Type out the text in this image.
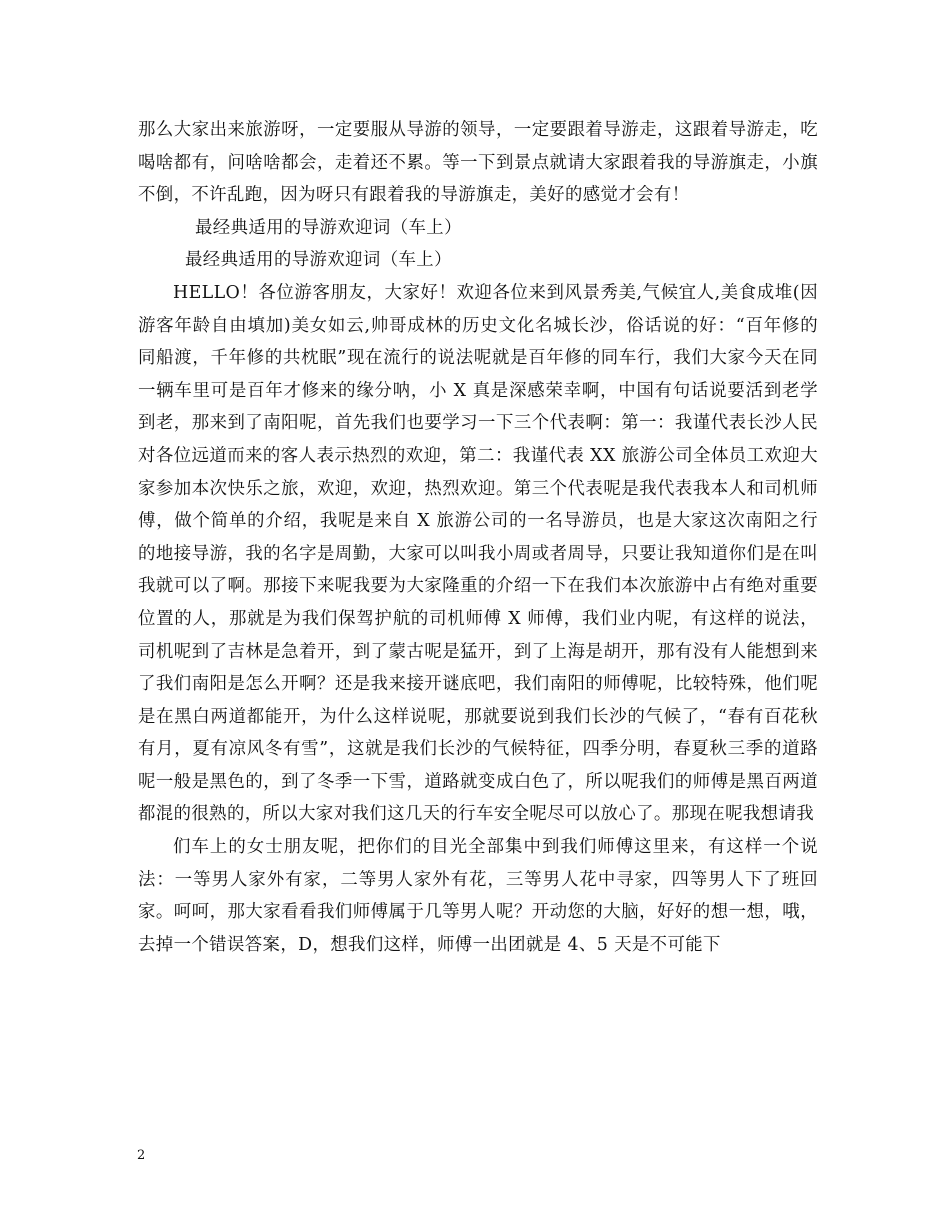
那么大家出来旅游呀，一定要服从导游的领导，一定要跟着导游走，这跟着导游走，吃喝啥都有，问啥啥都会，走着还不累。等一下到景点就请大家跟着我的导游旗走，小旗不倒，不许乱跑，因为呀只有跟着我的导游旗走，美好的感觉才会有！

最经典适用的导游欢迎词（车上）

最经典适用的导游欢迎词（车上）

HELLO！各位游客朋友，大家好！欢迎各位来到风景秀美,气候宜人,美食成堆(因游客年龄自由填加)美女如云,帅哥成林的历史文化名城长沙，俗话说的好：“百年修的同船渡，千年修的共枕眠”现在流行的说法呢就是百年修的同车行，我们大家今天在同一辆车里可是百年才修来的缘分呐，小 X 真是深感荣幸啊，中国有句话说要活到老学到老，那来到了南阳呢，首先我们也要学习一下三个代表啊：第一：我谨代表长沙人民对各位远道而来的客人表示热烈的欢迎，第二：我谨代表 XX 旅游公司全体员工欢迎大家参加本次快乐之旅，欢迎，欢迎，热烈欢迎。第三个代表呢是我代表我本人和司机师傅，做个简单的介绍，我呢是来自 X 旅游公司的一名导游员，也是大家这次南阳之行的地接导游，我的名字是周勤，大家可以叫我小周或者周导，只要让我知道你们是在叫我就可以了啊。那接下来呢我要为大家隆重的介绍一下在我们本次旅游中占有绝对重要位置的人，那就是为我们保驾护航的司机师傅 X 师傅，我们业内呢，有这样的说法，司机呢到了吉林是急着开，到了蒙古呢是猛开，到了上海是胡开，那有没有人能想到来了我们南阳是怎么开啊？还是我来接开谜底吧，我们南阳的师傅呢，比较特殊，他们呢是在黑白两道都能开，为什么这样说呢，那就要说到我们长沙的气候了，“春有百花秋有月，夏有凉风冬有雪”，这就是我们长沙的气候特征，四季分明，春夏秋三季的道路呢一般是黑色的，到了冬季一下雪，道路就变成白色了，所以呢我们的师傅是黑百两道都混的很熟的，所以大家对我们这几天的行车安全呢尽可以放心了。那现在呢我想请我

们车上的女士朋友呢，把你们的目光全部集中到我们师傅这里来，有这样一个说法：一等男人家外有家，二等男人家外有花，三等男人花中寻家，四等男人下了班回家。呵呵，那大家看看我们师傅属于几等男人呢？开动您的大脑，好好的想一想，哦，去掉一个错误答案，D，想我们这样，师傅一出团就是 4、5 天是不可能下

2
